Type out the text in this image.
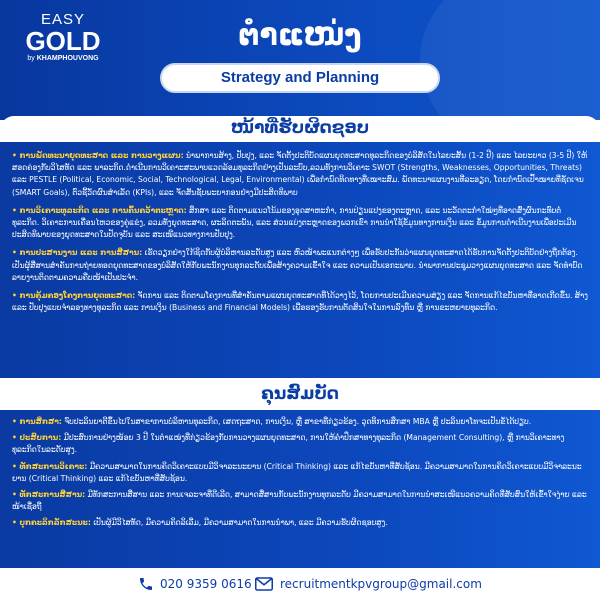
EASY
GOLD
by KHAMPHOUVONG
ຕຳແໜ່ງ
Strategy and Planning
ໜ້າທີ່ຮັບຜິດຊອບ

• ການພັດທະນາຍຸດທະສາດ ແລະ ການວາງແຜນ: ນຳພາການສ້າງ, ປັບປຸງ, ແລະ ຈັດຕັ້ງປະຕິບັດແຜນຍຸດທະສາດທຸລະກິດຂອງບໍລິສັດໃນໄລຍະສັ້ນ (1-2 ປີ) ແລະ ໄລຍະຍາວ (3-5 ປີ) ໃຫ້ສອດຄ່ອງກັບວິໄສທັດ ແລະ ພາລະກິດ.ດຳເນີນການວິເຄາະສະພາບແວດລ້ອມທຸລະກິດຢ່າງເປັນລະບົບ,ລວມທັງການວິເຄາະ SWOT (Strengths, Weaknesses, Opportunities, Threats) ແລະ PESTLE (Political, Economic, Social, Technological, Legal, Environmental) ເພື່ອກຳນົດທິດທາງທີ່ເໝາະສົມ. ພັດທະນາແຜນງານທີ່ລະອຽດ, ໂດຍກຳນົດເປົ້າໝາຍທີ່ຊັດເຈນ (SMART Goals), ຕົວຊີ້ວັດຜົນສຳເລັດ (KPIs), ແລະ ຈັດສັນຊັບພະຍາກອນຢ່າງມີປະສິດທິພາບ

• ການວິເຄາະທຸລະກິດ ແລະ ການຄົ້ນຄວ້າຕະຫຼາດ: ສຶກສາ ແລະ ຕິດຕາມແນວໂນ້ມຂອງອຸດສາຫະກຳ, ການປ່ຽນແປງຂອງຕະຫຼາດ, ແລະ ນະວັດຕະກຳໃໝ່ໆທີ່ອາດສົ່ງຜົນກະທົບຕໍ່ທຸລະກິດ. ວິເຄາະການເຄື່ອນໄຫວຂອງຄູ່ແຂ່ງ, ລວມທັງຍຸດທະສາດ, ຜະລິດຕະພັນ, ແລະ ສ່ວນແບ່ງຕະຫຼາດຂອງພວກເຂົາ ການນຳໃຊ້ຂໍ້ມູນທາງການເງິນ ແລະ ຂໍ້ມູນການດຳເນີນງານເພື່ອປະເມີນປະສິດທິພາບຂອງຍຸດທະສາດໃນປັດຈຸບັນ ແລະ ສະເໜີແນວທາງການປັບປຸງ.

• ການປະສານງານ ແລະ ການສື່ສານ: ເຮັດວຽກຢ່າງໃກ້ຊິດກັບຜູ້ບໍລິຫານລະດັບສູງ ແລະ ຫົວໜ້າພະແນກຕ່າງໆ ເພື່ອຮັບປະກັນວ່າແຜນຍຸດທະສາດໄດ້ຮັບການຈັດຕັ້ງປະຕິບັດຢ່າງຖືກຕ້ອງ. ເປັນຜູ້ສື່ສານສຳຄັນການຖ່າຍທອດຍຸດທະສາດຂອງບໍລິສັດໃຫ້ກັບພະນັກງານທຸກລະດັບເພື່ອສ້າງຄວາມເຂົ້າໃຈ ແລະ ຄວາມເປັນເອກະພາບ. ນຳພາການປະຊຸມວາງແຜນຍຸດທະສາດ ແລະ ຈັດທຳບົດລາຍງານຕິດຕາມຄວາມຄືບໜ້າເປັນປະຈຳ.

• ການຄຸ້ມຄອງໂຄງການຍຸດທະສາດ: ຈັດການ ແລະ ຕິດຕາມໂຄງການທີ່ສຳຄັນຕາມແຜນຍຸດທະສາດທີ່ໄດ້ວາງໄວ້, ໂດຍການປະເມີນຄວາມສ່ຽງ ແລະ ຈັດການແກ້ໄຂບັນຫາທີ່ອາດເກີດຂຶ້ນ. ສ້າງ ແລະ ປັບປຸງແບບຈຳລອງທາງທຸລະກິດ ແລະ ການເງິນ (Business and Financial Models) ເພື່ອຮອງຮັບການຕັດສິນໃຈໃນການລົງທຶນ ຫຼື ການຂະຫຍາຍທຸລະກິດ.

ຄຸນສົມບັດ

• ການສຶກສາ: ຈົບປະລິນຍາຕີຂຶ້ນໄປໃນສາຂາການບໍລິຫານທຸລະກິດ, ເສດຖະສາດ, ການເງິນ, ຫຼື ສາຂາທີ່ກ່ຽວຂ້ອງ. ວຸດທິການສຶກສາ MBA ຫຼື ປະລິນຍາໂທຈະເປັນຂໍ້ໄດ້ປຽບ.

• ປະສົບການ: ມີປະສົບການຢ່າງໜ້ອຍ 3 ປີ ໃນຕຳແໜ່ງທີ່ກ່ຽວຂ້ອງກັບການວາງແຜນຍຸດທະສາດ, ການໃຫ້ຄຳປຶກສາທາງທຸລະກິດ (Management Consulting), ຫຼື ການວິເຄາະທາງທຸລະກິດໃນລະດັບສູງ.

• ທັກສະການວິເຄາະ: ມີຄວາມສາມາດໃນການຄິດວິເຄາະແບບມີວິຈາລະນະຍານ (Critical Thinking) ແລະ ແກ້ໄຂບັນຫາທີ່ສັບຊ້ອນ. ມີຄວາມສາມາດໃນການຄິດວິເຄາະແບບມີວິຈາລະນະຍານ (Critical Thinking) ແລະ ແກ້ໄຂບັນຫາທີ່ສັບຊ້ອນ.

• ທັກສະການສື່ສານ: ມີທັກສະການສື່ສານ ແລະ ການເຈລະຈາທີ່ດີເລີດ, ສາມາດສື່ສານກັບພະນັກງານທຸກລະດັບ ມີຄວາມສາມາດໃນການນຳສະເໜີແນວຄວາມຄິດທີ່ສັບສົນໃຫ້ເຂົ້າໃຈງ່າຍ ແລະ ໜ້າເຊື່ອຖື

• ບຸກຄະລິກລັກສະນະ: ເປັນຜູ້ມີວິໄສທັດ, ມີຄວາມຄິດລິເລີ່ມ, ມີຄວາມສາມາດໃນການນຳພາ, ແລະ ມີຄວາມຮັບຜິດຊອບສູງ.

020 9359 0616 recruitmentkpvgroup@gmail.com
